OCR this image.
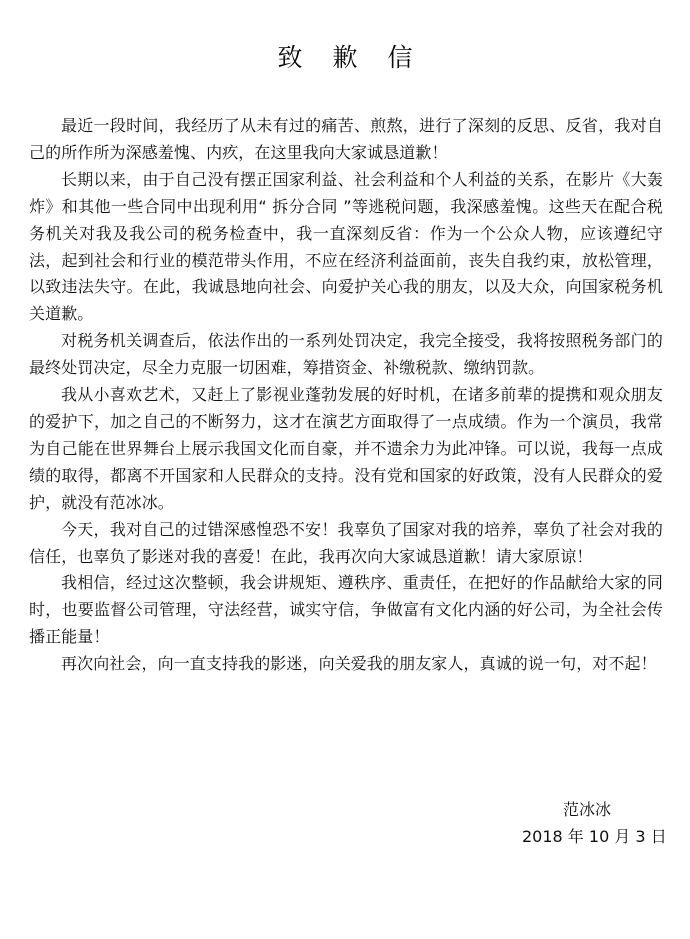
致歉信

最近一段时间，我经历了从未有过的痛苦、煎熬，进行了深刻的反思、反省，我对自己的所作所为深感羞愧、内疚，在这里我向大家诚恳道歉！

长期以来，由于自己没有摆正国家利益、社会利益和个人利益的关系，在影片《大轰炸》和其他一些合同中出现利用“ 拆分合同 ”等逃税问题，我深感羞愧。这些天在配合税务机关对我及我公司的税务检查中，我一直深刻反省：作为一个公众人物，应该遵纪守法，起到社会和行业的模范带头作用，不应在经济利益面前，丧失自我约束，放松管理，以致违法失守。在此，我诚恳地向社会、向爱护关心我的朋友，以及大众，向国家税务机关道歉。

对税务机关调查后，依法作出的一系列处罚决定，我完全接受，我将按照税务部门的最终处罚决定，尽全力克服一切困难，筹措资金、补缴税款、缴纳罚款。

我从小喜欢艺术，又赶上了影视业蓬勃发展的好时机，在诸多前辈的提携和观众朋友的爱护下，加之自己的不断努力，这才在演艺方面取得了一点成绩。作为一个演员，我常为自己能在世界舞台上展示我国文化而自豪，并不遗余力为此冲锋。可以说，我每一点成绩的取得，都离不开国家和人民群众的支持。没有党和国家的好政策，没有人民群众的爱护，就没有范冰冰。

今天，我对自己的过错深感惶恐不安！我辜负了国家对我的培养，辜负了社会对我的信任，也辜负了影迷对我的喜爱！在此，我再次向大家诚恳道歉！请大家原谅！

我相信，经过这次整顿，我会讲规矩、遵秩序、重责任，在把好的作品献给大家的同时，也要监督公司管理，守法经营，诚实守信，争做富有文化内涵的好公司，为全社会传播正能量！

再次向社会，向一直支持我的影迷，向关爱我的朋友家人，真诚的说一句，对不起！

范冰冰
2018 年 10 月 3 日
